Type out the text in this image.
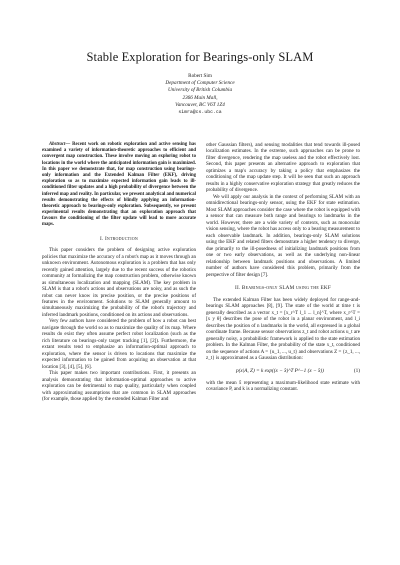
Stable Exploration for Bearings-only SLAM
Robert Sim
Department of Computer Science
University of British Columbia
2366 Main Mall,
Vancouver, BC V6T 1Z4
simra@cs.ubc.ca

Abstract— Recent work on robotic exploration and active sensing has examined a variety of information-theoretic approaches to efficient and convergent map construction. These involve moving an exploring robot to locations in the world where the anticipated information gain is maximized. In this paper we demonstrate that, for map construction using bearings-only information and the Extended Kalman Filter (EKF), driving exploration so as to maximize expected information gain leads to ill-conditioned filter updates and a high probability of divergence between the inferred map and reality. In particular, we present analytical and numerical results demonstrating the effects of blindly applying an information-theoretic approach to bearings-only exploration. Subsequently, we present experimental results demonstrating that an exploration approach that favours the conditioning of the filter update will lead to more accurate maps.

I. Introduction

This paper considers the problem of designing active exploration policies that maximize the accuracy of a robot's map as it moves through an unknown environment. Autonomous exploration is a problem that has only recently gained attention, largely due to the recent success of the robotics community at formalizing the map construction problem, otherwise known as simultaneous localization and mapping (SLAM). The key problem in SLAM is that a robot's actions and observations are noisy, and as such the robot can never know its precise position, or the precise positions of features in the environment. Solutions to SLAM generally amount to simultaneously maximizing the probability of the robot's trajectory and inferred landmark positions, conditioned on its actions and observations.

Very few authors have considered the problem of how a robot can best navigate through the world so as to maximize the quality of its map. Where results do exist they often assume perfect robot localization (such as the rich literature on bearings-only target tracking [1], [2]). Furthermore, the extant results tend to emphasize an information-optimal approach to exploration, where the sensor is driven to locations that maximize the expected information to be gained from acquiring an observation at that location [3], [4], [5], [6].

This paper makes two important contributions. First, it presents an analysis demonstrating that information-optimal approaches to active exploration can be detrimental to map quality, particularly when coupled with approximating assumptions that are common in SLAM approaches (for example, those applied by the extended Kalman Filter and

other Gaussian filters), and sensing modalities that tend towards ill-posed localization estimates. In the extreme, such approaches can be prone to filter divergence, rendering the map useless and the robot effectively lost. Second, this paper presents an alternative approach to exploration that optimizes a map's accuracy by taking a policy that emphasizes the conditioning of the map update step. It will be seen that such an approach results in a highly conservative exploration strategy that greatly reduces the probability of divergence.

We will apply our analysis in the context of performing SLAM with an omnidirectional bearings-only sensor, using the EKF for state estimation. Most SLAM approaches consider the case where the robot is equipped with a sensor that can measure both range and bearings to landmarks in the world. However, there are a wide variety of contexts, such as monocular vision sensing, where the robot has access only to a bearing measurement to each observable landmark. In addition, bearings-only SLAM solutions using the EKF and related filters demonstrate a higher tendency to diverge, due primarily to the ill-posedness of initializing landmark positions from one or two early observations, as well as the underlying non-linear relationship between landmark positions and observations. A limited number of authors have considered this problem, primarily from the perspective of filter design [7].

II. Bearings-only SLAM using the EKF

The extended Kalman Filter has been widely deployed for range-and-bearings SLAM approaches [8], [9]. The state of the world at time t is generally described as a vector x_t = [x_r^T l_1 ... l_n]^T, where x_r^T = [x y θ] describes the pose of the robot in a planar environment, and l_i describes the position of n landmarks in the world, all expressed in a global coordinate frame. Because sensor observations z_t and robot actions u_t are generally noisy, a probabilistic framework is applied to the state estimation problem. In the Kalman Filter, the probability of the state x_t, conditioned on the sequence of actions A = {u_1, ..., u_t} and observations Z = {z_1, ..., z_t} is approximated as a Gaussian distribution:

p(x|A, Z) = k exp((x − x̂)^T P^−1 (x − x̂))	(1)

with the mean x̂ representing a maximum-likelihood state estimate with covariance P, and k is a normalizing constant.
